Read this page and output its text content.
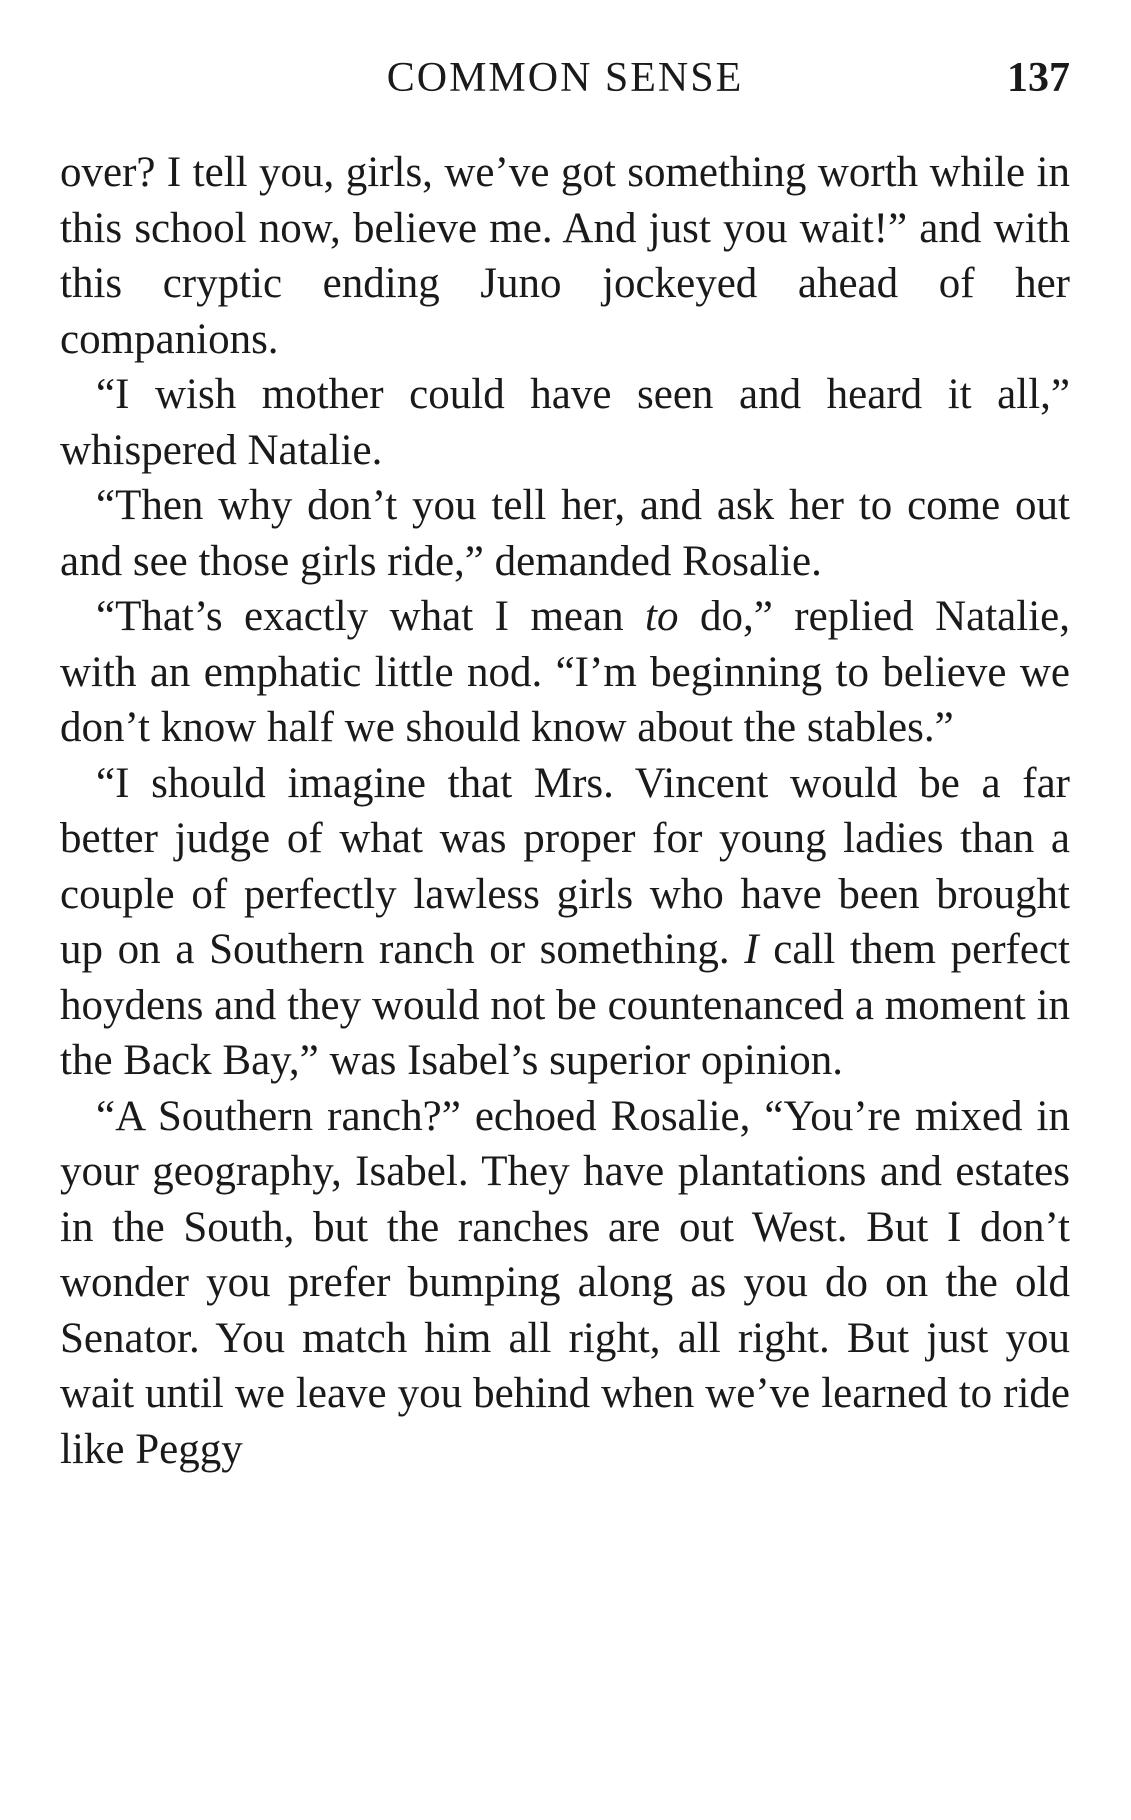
COMMON SENSE	137

over? I tell you, girls, we’ve got something worth while in this school now, believe me. And just you wait!” and with this cryptic ending Juno jockeyed ahead of her companions.

“I wish mother could have seen and heard it all,” whispered Natalie.

“Then why don’t you tell her, and ask her to come out and see those girls ride,” demanded Rosalie.

“That’s exactly what I mean to do,” replied Natalie, with an emphatic little nod. “I’m beginning to believe we don’t know half we should know about the stables.”

“I should imagine that Mrs. Vincent would be a far better judge of what was proper for young ladies than a couple of perfectly lawless girls who have been brought up on a Southern ranch or something. I call them perfect hoydens and they would not be countenanced a moment in the Back Bay,” was Isabel’s superior opinion.

“A Southern ranch?” echoed Rosalie, “You’re mixed in your geography, Isabel. They have plantations and estates in the South, but the ranches are out West. But I don’t wonder you prefer bumping along as you do on the old Senator. You match him all right, all right. But just you wait until we leave you behind when we’ve learned to ride like Peggy
